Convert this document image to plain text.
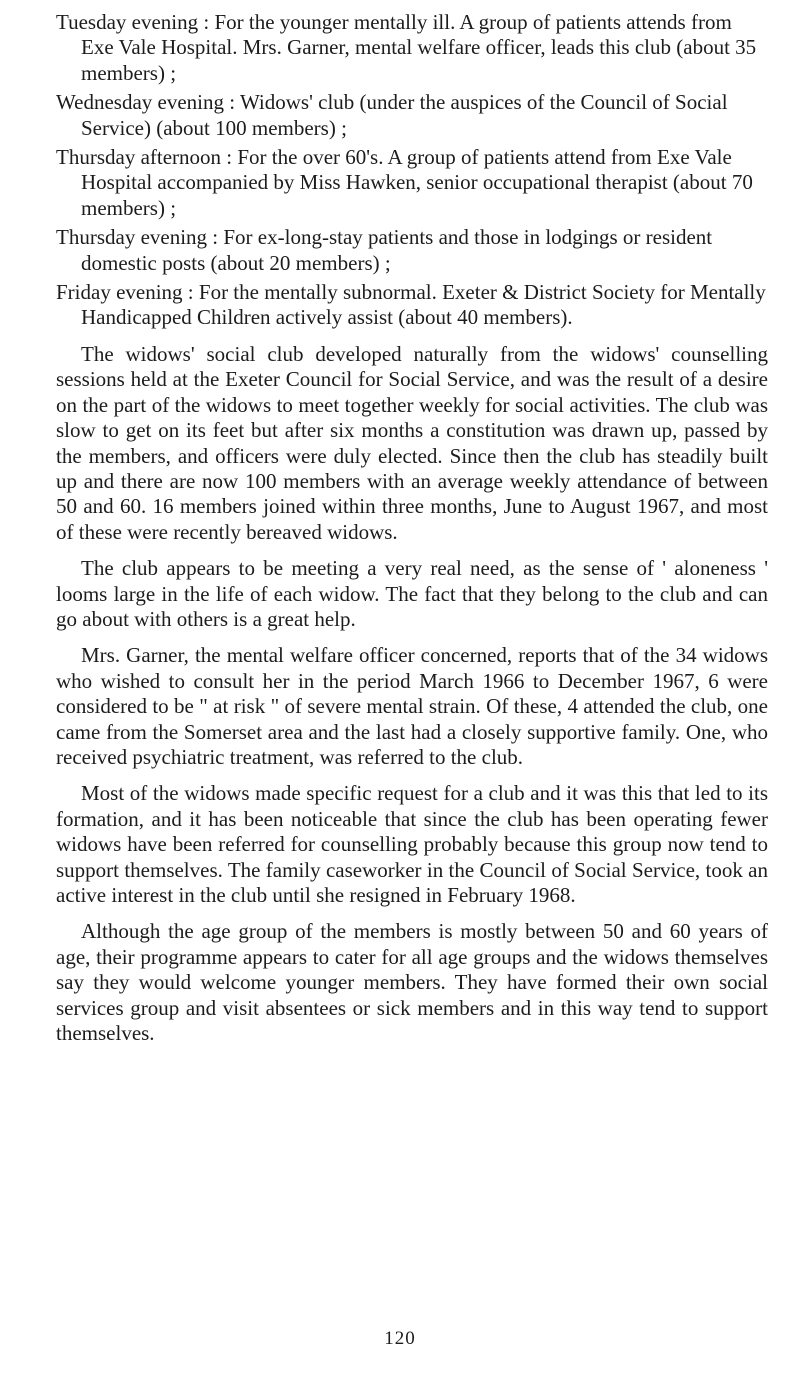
Tuesday evening : For the younger mentally ill. A group of patients attends from Exe Vale Hospital. Mrs. Garner, mental welfare officer, leads this club (about 35 members) ;

Wednesday evening : Widows' club (under the auspices of the Council of Social Service) (about 100 members) ;

Thursday afternoon : For the over 60's. A group of patients attend from Exe Vale Hospital accompanied by Miss Hawken, senior occupational therapist (about 70 members) ;

Thursday evening : For ex-long-stay patients and those in lodgings or resident domestic posts (about 20 members) ;

Friday evening : For the mentally subnormal. Exeter & District Society for Mentally Handicapped Children actively assist (about 40 members).

The widows' social club developed naturally from the widows' counselling sessions held at the Exeter Council for Social Service, and was the result of a desire on the part of the widows to meet together weekly for social activities. The club was slow to get on its feet but after six months a constitution was drawn up, passed by the members, and officers were duly elected. Since then the club has steadily built up and there are now 100 members with an average weekly attendance of between 50 and 60. 16 members joined within three months, June to August 1967, and most of these were recently bereaved widows.

The club appears to be meeting a very real need, as the sense of ' aloneness ' looms large in the life of each widow. The fact that they belong to the club and can go about with others is a great help.

Mrs. Garner, the mental welfare officer concerned, reports that of the 34 widows who wished to consult her in the period March 1966 to December 1967, 6 were considered to be " at risk " of severe mental strain. Of these, 4 attended the club, one came from the Somerset area and the last had a closely supportive family. One, who received psychiatric treatment, was referred to the club.

Most of the widows made specific request for a club and it was this that led to its formation, and it has been noticeable that since the club has been operating fewer widows have been referred for counselling probably because this group now tend to support themselves. The family caseworker in the Council of Social Service, took an active interest in the club until she resigned in February 1968.

Although the age group of the members is mostly between 50 and 60 years of age, their programme appears to cater for all age groups and the widows themselves say they would welcome younger members. They have formed their own social services group and visit absentees or sick members and in this way tend to support themselves.

120
